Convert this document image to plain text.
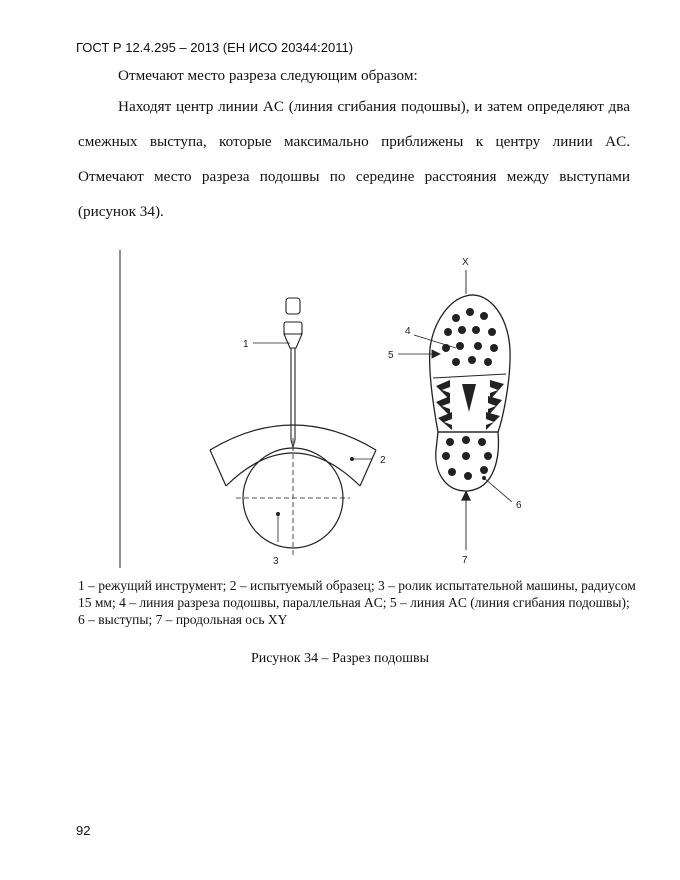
ГОСТ Р 12.4.295 – 2013 (ЕН ИСО 20344:2011)
Отмечают место разреза следующим образом:
Находят центр линии AC (линия сгибания подошвы), и затем определяют два смежных выступа, которые максимально приближены к центру линии AC. Отмечают место разреза подошвы по середине расстояния между выступами (рисунок 34).
1
2
3
X
4
5
6
7
1 – режущий инструмент; 2 – испытуемый образец; 3 – ролик испытательной машины, радиусом 15 мм; 4 – линия разреза подошвы, параллельная AC; 5 – линия AC (линия сгибания подошвы); 6 – выступы; 7 – продольная ось XY
Рисунок 34 – Разрез подошвы
92
